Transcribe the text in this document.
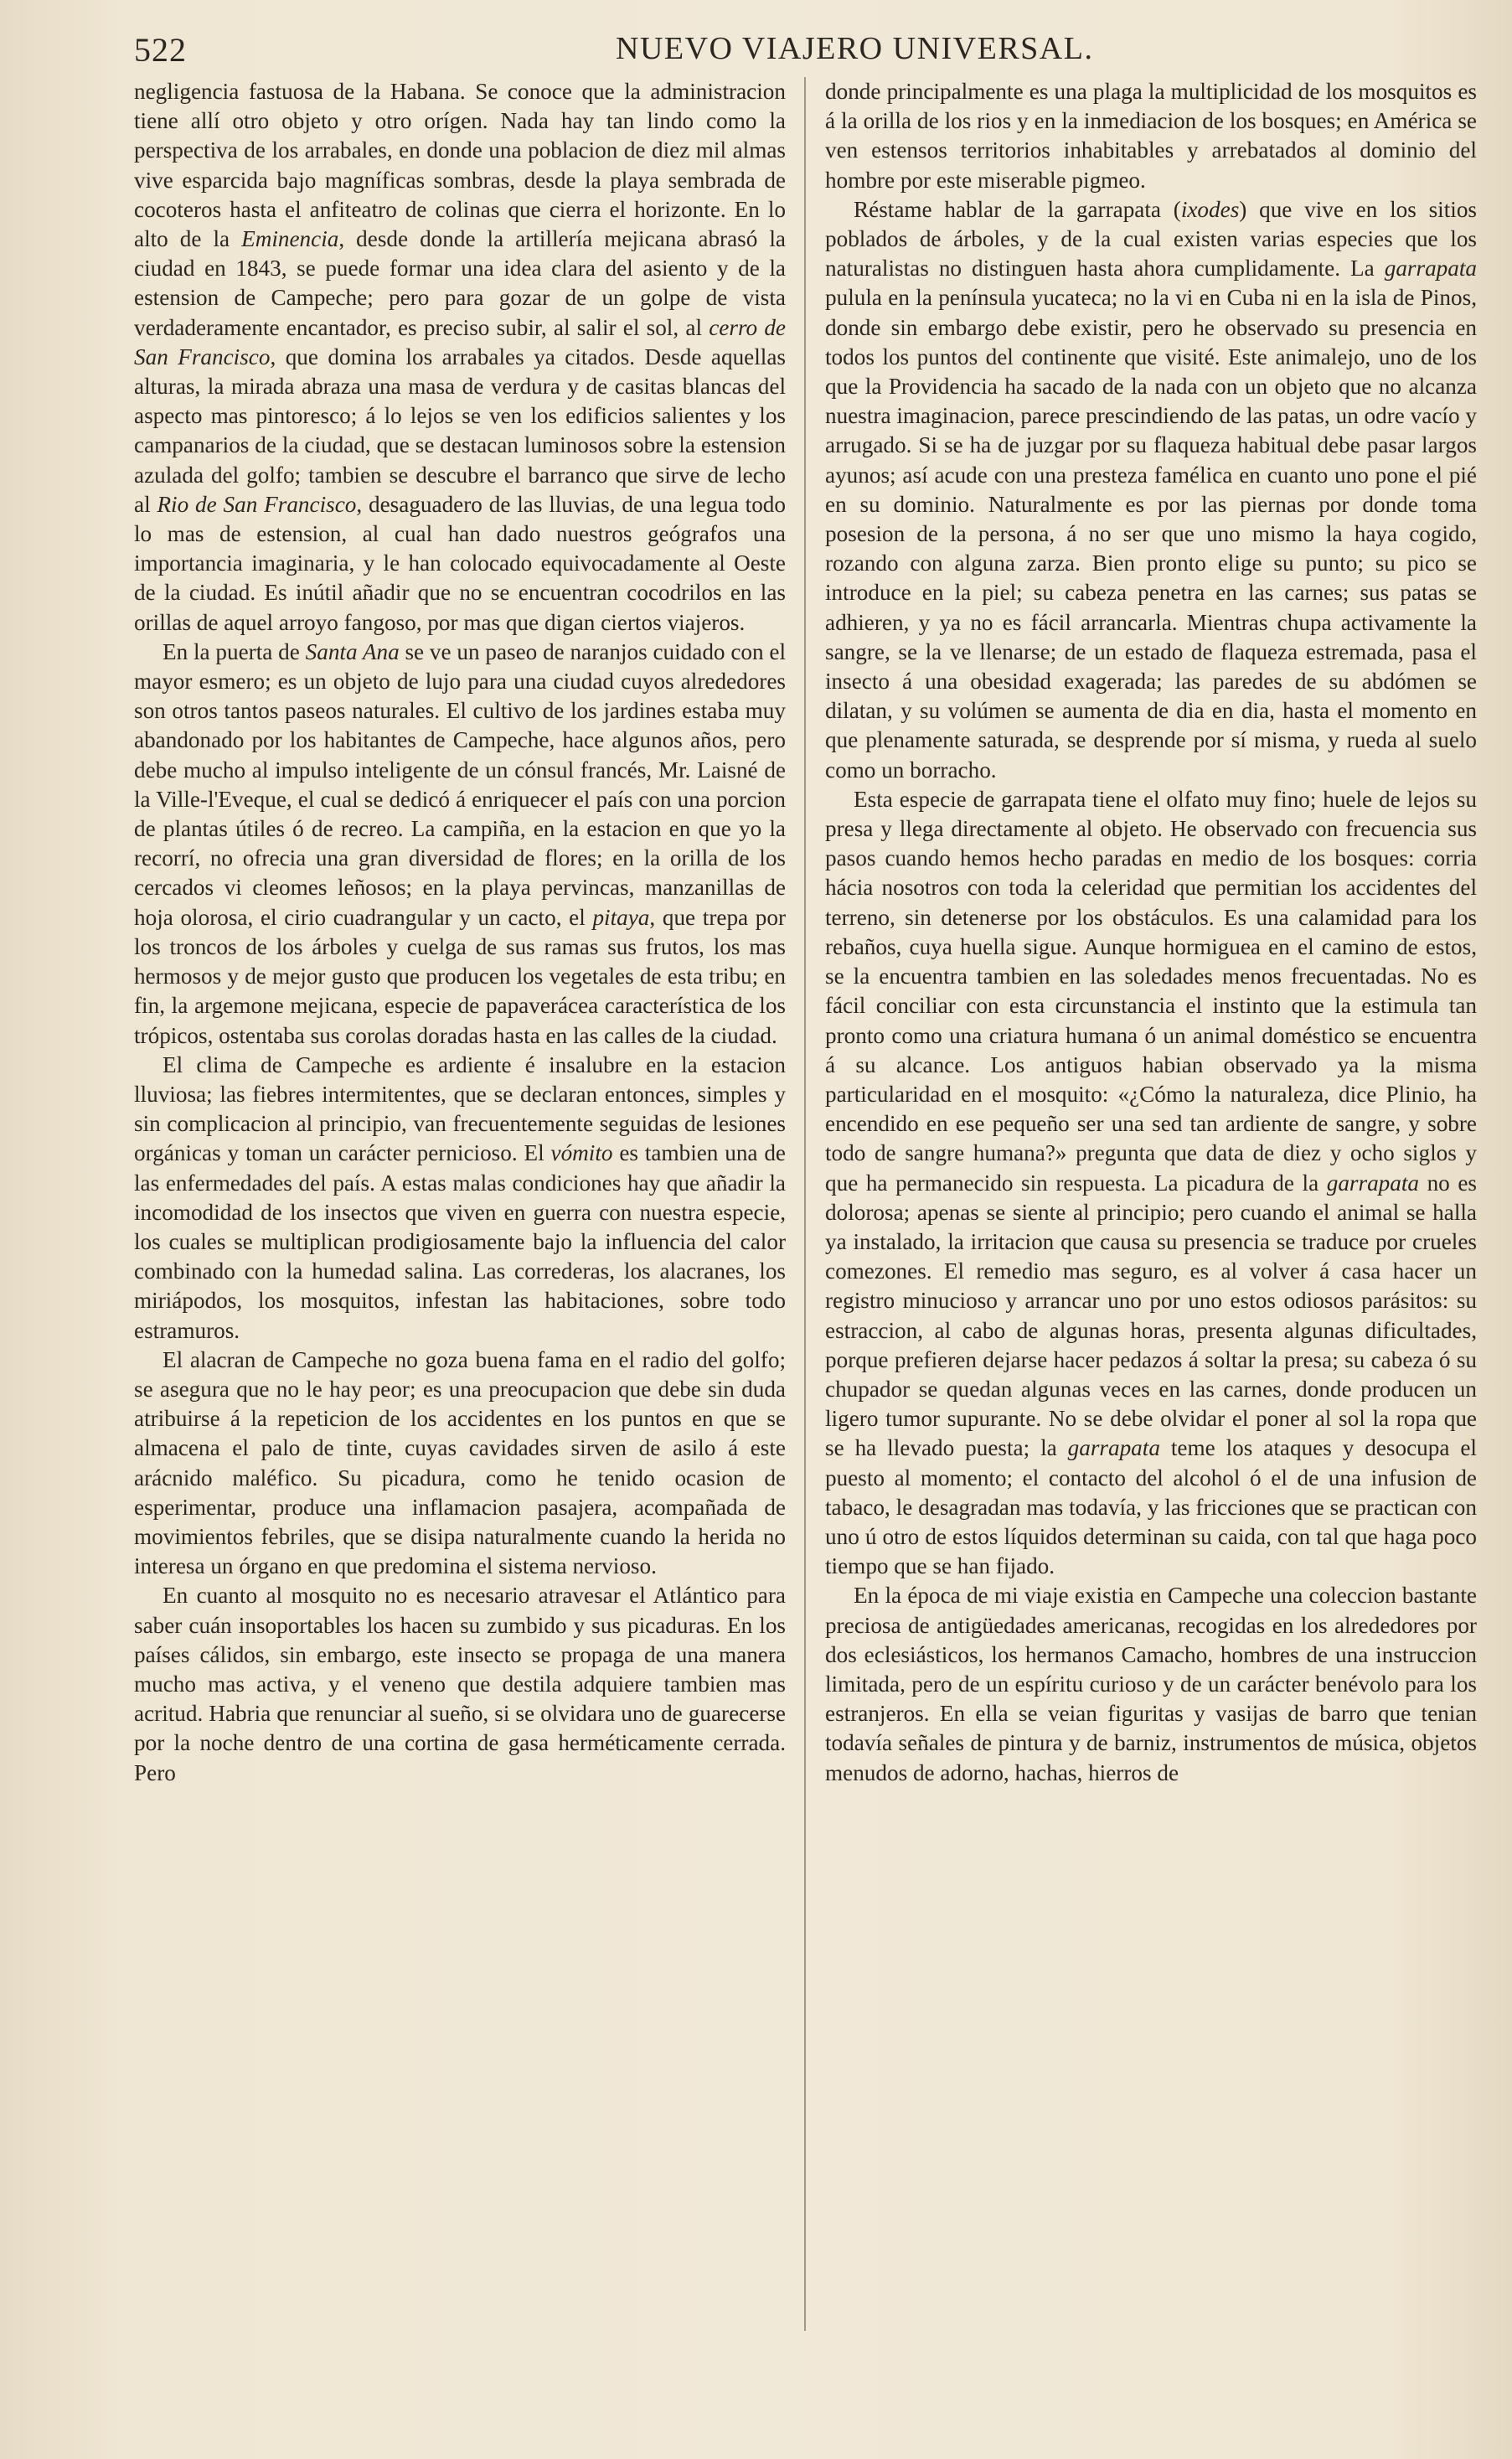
522	NUEVO VIAJERO UNIVERSAL.

negligencia fastuosa de la Habana. Se conoce que la administracion tiene allí otro objeto y otro orígen. Nada hay tan lindo como la perspectiva de los arrabales, en donde una poblacion de diez mil almas vive esparcida bajo magníficas sombras, desde la playa sembrada de cocoteros hasta el anfiteatro de colinas que cierra el horizonte. En lo alto de la Eminencia, desde donde la artillería mejicana abrasó la ciudad en 1843, se puede formar una idea clara del asiento y de la estension de Campeche; pero para gozar de un golpe de vista verdaderamente encantador, es preciso subir, al salir el sol, al cerro de San Francisco, que domina los arrabales ya citados. Desde aquellas alturas, la mirada abraza una masa de verdura y de casitas blancas del aspecto mas pintoresco; á lo lejos se ven los edificios salientes y los campanarios de la ciudad, que se destacan luminosos sobre la estension azulada del golfo; tambien se descubre el barranco que sirve de lecho al Rio de San Francisco, desaguadero de las lluvias, de una legua todo lo mas de estension, al cual han dado nuestros geógrafos una importancia imaginaria, y le han colocado equivocadamente al Oeste de la ciudad. Es inútil añadir que no se encuentran cocodrilos en las orillas de aquel arroyo fangoso, por mas que digan ciertos viajeros.

En la puerta de Santa Ana se ve un paseo de naranjos cuidado con el mayor esmero; es un objeto de lujo para una ciudad cuyos alrededores son otros tantos paseos naturales. El cultivo de los jardines estaba muy abandonado por los habitantes de Campeche, hace algunos años, pero debe mucho al impulso inteligente de un cónsul francés, Mr. Laisné de la Ville-l'Eveque, el cual se dedicó á enriquecer el país con una porcion de plantas útiles ó de recreo. La campiña, en la estacion en que yo la recorrí, no ofrecia una gran diversidad de flores; en la orilla de los cercados vi cleomes leñosos; en la playa pervincas, manzanillas de hoja olorosa, el cirio cuadrangular y un cacto, el pitaya, que trepa por los troncos de los árboles y cuelga de sus ramas sus frutos, los mas hermosos y de mejor gusto que producen los vegetales de esta tribu; en fin, la argemone mejicana, especie de papaverácea característica de los trópicos, ostentaba sus corolas doradas hasta en las calles de la ciudad.

El clima de Campeche es ardiente é insalubre en la estacion lluviosa; las fiebres intermitentes, que se declaran entonces, simples y sin complicacion al principio, van frecuentemente seguidas de lesiones orgánicas y toman un carácter pernicioso. El vómito es tambien una de las enfermedades del país. A estas malas condiciones hay que añadir la incomodidad de los insectos que viven en guerra con nuestra especie, los cuales se multiplican prodigiosamente bajo la influencia del calor combinado con la humedad salina. Las correderas, los alacranes, los miriápodos, los mosquitos, infestan las habitaciones, sobre todo estramuros.

El alacran de Campeche no goza buena fama en el radio del golfo; se asegura que no le hay peor; es una preocupacion que debe sin duda atribuirse á la repeticion de los accidentes en los puntos en que se almacena el palo de tinte, cuyas cavidades sirven de asilo á este arácnido maléfico. Su picadura, como he tenido ocasion de esperimentar, produce una inflamacion pasajera, acompañada de movimientos febriles, que se disipa naturalmente cuando la herida no interesa un órgano en que predomina el sistema nervioso.

En cuanto al mosquito no es necesario atravesar el Atlántico para saber cuán insoportables los hacen su zumbido y sus picaduras. En los países cálidos, sin embargo, este insecto se propaga de una manera mucho mas activa, y el veneno que destila adquiere tambien mas acritud. Habria que renunciar al sueño, si se olvidara uno de guarecerse por la noche dentro de una cortina de gasa herméticamente cerrada. Pero

donde principalmente es una plaga la multiplicidad de los mosquitos es á la orilla de los rios y en la inmediacion de los bosques; en América se ven estensos territorios inhabitables y arrebatados al dominio del hombre por este miserable pigmeo.

Réstame hablar de la garrapata (ixodes) que vive en los sitios poblados de árboles, y de la cual existen varias especies que los naturalistas no distinguen hasta ahora cumplidamente. La garrapata pulula en la península yucateca; no la vi en Cuba ni en la isla de Pinos, donde sin embargo debe existir, pero he observado su presencia en todos los puntos del continente que visité. Este animalejo, uno de los que la Providencia ha sacado de la nada con un objeto que no alcanza nuestra imaginacion, parece prescindiendo de las patas, un odre vacío y arrugado. Si se ha de juzgar por su flaqueza habitual debe pasar largos ayunos; así acude con una presteza famélica en cuanto uno pone el pié en su dominio. Naturalmente es por las piernas por donde toma posesion de la persona, á no ser que uno mismo la haya cogido, rozando con alguna zarza. Bien pronto elige su punto; su pico se introduce en la piel; su cabeza penetra en las carnes; sus patas se adhieren, y ya no es fácil arrancarla. Mientras chupa activamente la sangre, se la ve llenarse; de un estado de flaqueza estremada, pasa el insecto á una obesidad exagerada; las paredes de su abdómen se dilatan, y su volúmen se aumenta de dia en dia, hasta el momento en que plenamente saturada, se desprende por sí misma, y rueda al suelo como un borracho.

Esta especie de garrapata tiene el olfato muy fino; huele de lejos su presa y llega directamente al objeto. He observado con frecuencia sus pasos cuando hemos hecho paradas en medio de los bosques: corria hácia nosotros con toda la celeridad que permitian los accidentes del terreno, sin detenerse por los obstáculos. Es una calamidad para los rebaños, cuya huella sigue. Aunque hormiguea en el camino de estos, se la encuentra tambien en las soledades menos frecuentadas. No es fácil conciliar con esta circunstancia el instinto que la estimula tan pronto como una criatura humana ó un animal doméstico se encuentra á su alcance. Los antiguos habian observado ya la misma particularidad en el mosquito: «¿Cómo la naturaleza, dice Plinio, ha encendido en ese pequeño ser una sed tan ardiente de sangre, y sobre todo de sangre humana?» pregunta que data de diez y ocho siglos y que ha permanecido sin respuesta. La picadura de la garrapata no es dolorosa; apenas se siente al principio; pero cuando el animal se halla ya instalado, la irritacion que causa su presencia se traduce por crueles comezones. El remedio mas seguro, es al volver á casa hacer un registro minucioso y arrancar uno por uno estos odiosos parásitos: su estraccion, al cabo de algunas horas, presenta algunas dificultades, porque prefieren dejarse hacer pedazos á soltar la presa; su cabeza ó su chupador se quedan algunas veces en las carnes, donde producen un ligero tumor supurante. No se debe olvidar el poner al sol la ropa que se ha llevado puesta; la garrapata teme los ataques y desocupa el puesto al momento; el contacto del alcohol ó el de una infusion de tabaco, le desagradan mas todavía, y las fricciones que se practican con uno ú otro de estos líquidos determinan su caida, con tal que haga poco tiempo que se han fijado.

En la época de mi viaje existia en Campeche una coleccion bastante preciosa de antigüedades americanas, recogidas en los alrededores por dos eclesiásticos, los hermanos Camacho, hombres de una instruccion limitada, pero de un espíritu curioso y de un carácter benévolo para los estranjeros. En ella se veian figuritas y vasijas de barro que tenian todavía señales de pintura y de barniz, instrumentos de música, objetos menudos de adorno, hachas, hierros de
